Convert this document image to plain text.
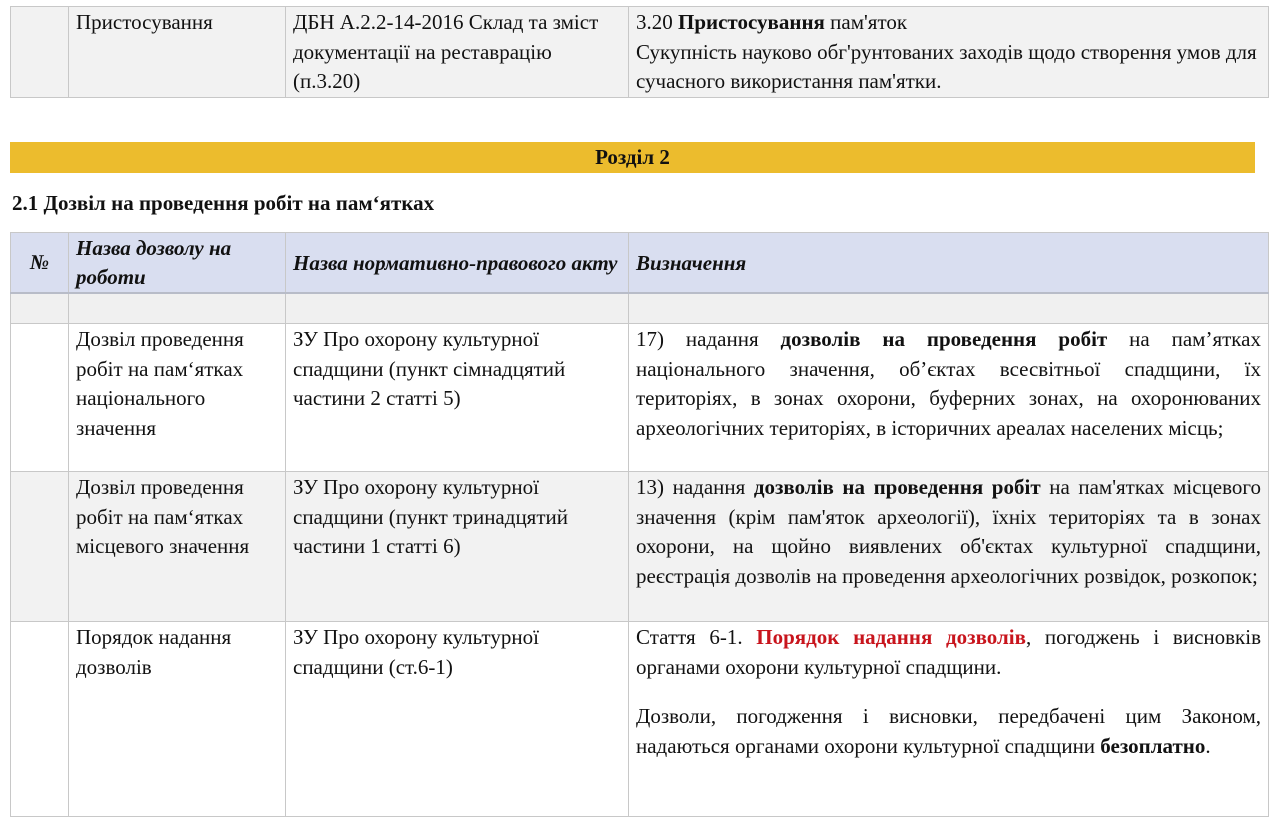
	Пристосування	ДБН А.2.2-14-2016 Склад та зміст документації на реставрацію (п.3.20)	3.20 Пристосування пам'яток
Сукупність науково обг'рунтованих заходів щодо створення умов для сучасного використання пам'ятки.
Розділ 2
2.1 Дозвіл на проведення робіт на пам‘ятках
№	Назва дозволу на роботи	Назва нормативно-правового акту	Визначення

	Дозвіл проведення робіт на пам‘ятках національного значення	ЗУ Про охорону культурної спадщини (пункт сімнадцятий частини 2 статті 5)	17) надання дозволів на проведення робіт на пам’ятках національного значення, об’єктах всесвітньої спадщини, їх територіях, в зонах охорони, буферних зонах, на охоронюваних археологічних територіях, в історичних ареалах населених місць;
	Дозвіл проведення робіт на пам‘ятках місцевого значення	ЗУ Про охорону культурної спадщини (пункт тринадцятий частини 1 статті 6)	13) надання дозволів на проведення робіт на пам'ятках місцевого значення (крім пам'яток археології), їхніх територіях та в зонах охорони, на щойно виявлених об'єктах культурної спадщини, реєстрація дозволів на проведення археологічних розвідок, розкопок;
	Порядок надання дозволів	ЗУ Про охорону культурної спадщини (ст.6-1)	Стаття 6-1. Порядок надання дозволів, погоджень і висновків органами охорони культурної спадщини.
Дозволи, погодження і висновки, передбачені цим Законом, надаються органами охорони культурної спадщини безоплатно.
